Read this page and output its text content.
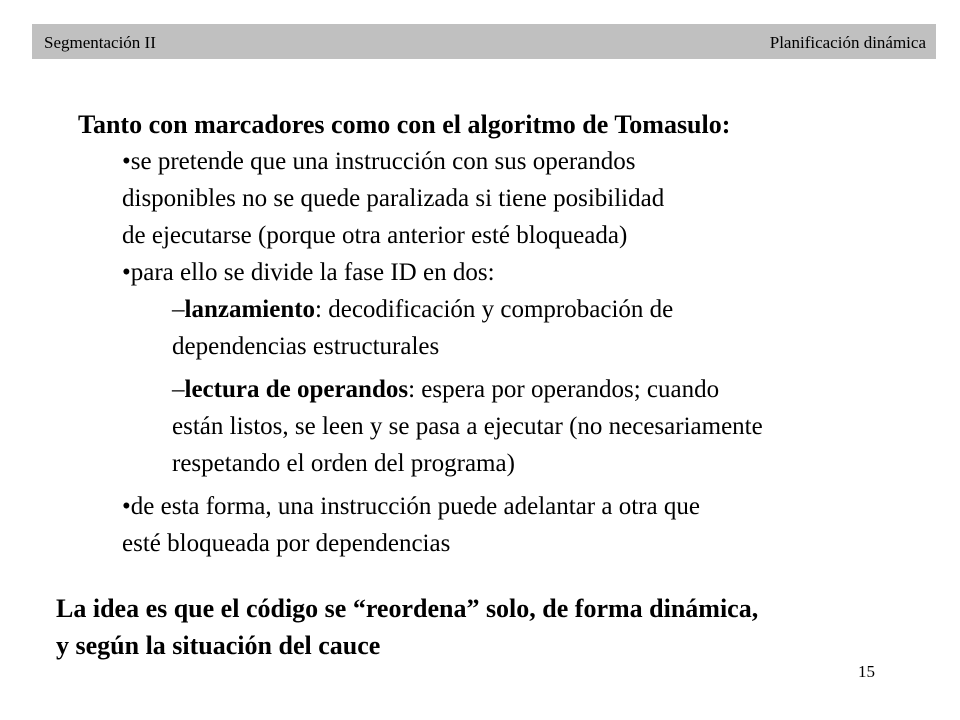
Segmentación II	Planificación dinámica
Tanto con marcadores como con el algoritmo de Tomasulo:
•se pretende que una instrucción con sus operandos
disponibles no se quede paralizada si tiene posibilidad
de ejecutarse (porque otra anterior esté bloqueada)
•para ello se divide la fase ID en dos:
–lanzamiento: decodificación y comprobación de
dependencias estructurales
–lectura de operandos: espera por operandos; cuando
están listos, se leen y se pasa a ejecutar (no necesariamente
respetando el orden del programa)
•de esta forma, una instrucción puede adelantar a otra que
esté bloqueada por dependencias
La idea es que el código se “reordena” solo, de forma dinámica,
y según la situación del cauce
15
